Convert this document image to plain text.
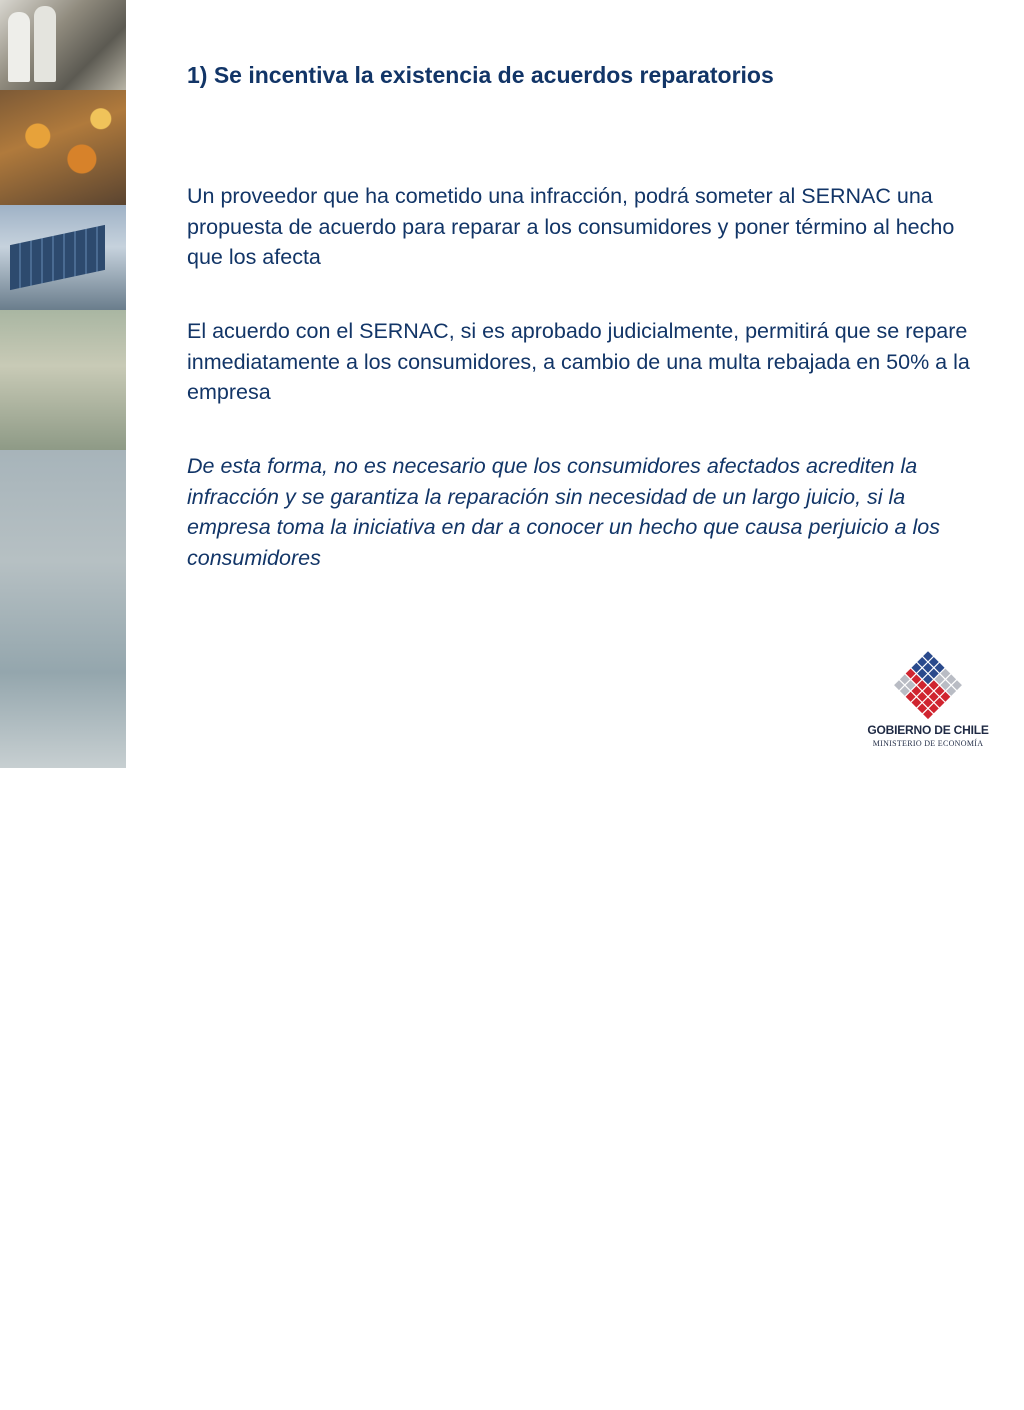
INNOVACIONPYMESINNOVACION
ESTRATEGIA DIGITAL ESTRATEGIA
TURISMO REGULACION TURISMO
PESCA Y ACUICULTURA PESCA Y
1) Se incentiva la existencia de acuerdos reparatorios

Un proveedor que ha cometido una infracción, podrá someter al SERNAC una propuesta de acuerdo para reparar a los consumidores y poner término al hecho que los afecta

El acuerdo con el SERNAC, si es aprobado judicialmente, permitirá que se repare inmediatamente a los consumidores, a cambio de una multa rebajada en 50% a la empresa

De esta forma, no es necesario que los consumidores afectados acrediten la infracción y se garantiza la reparación sin necesidad de un largo juicio, si la empresa toma la iniciativa en dar a conocer un hecho que causa perjuicio a los consumidores

GOBIERNO DE CHILE
MINISTERIO DE ECONOMÍA
